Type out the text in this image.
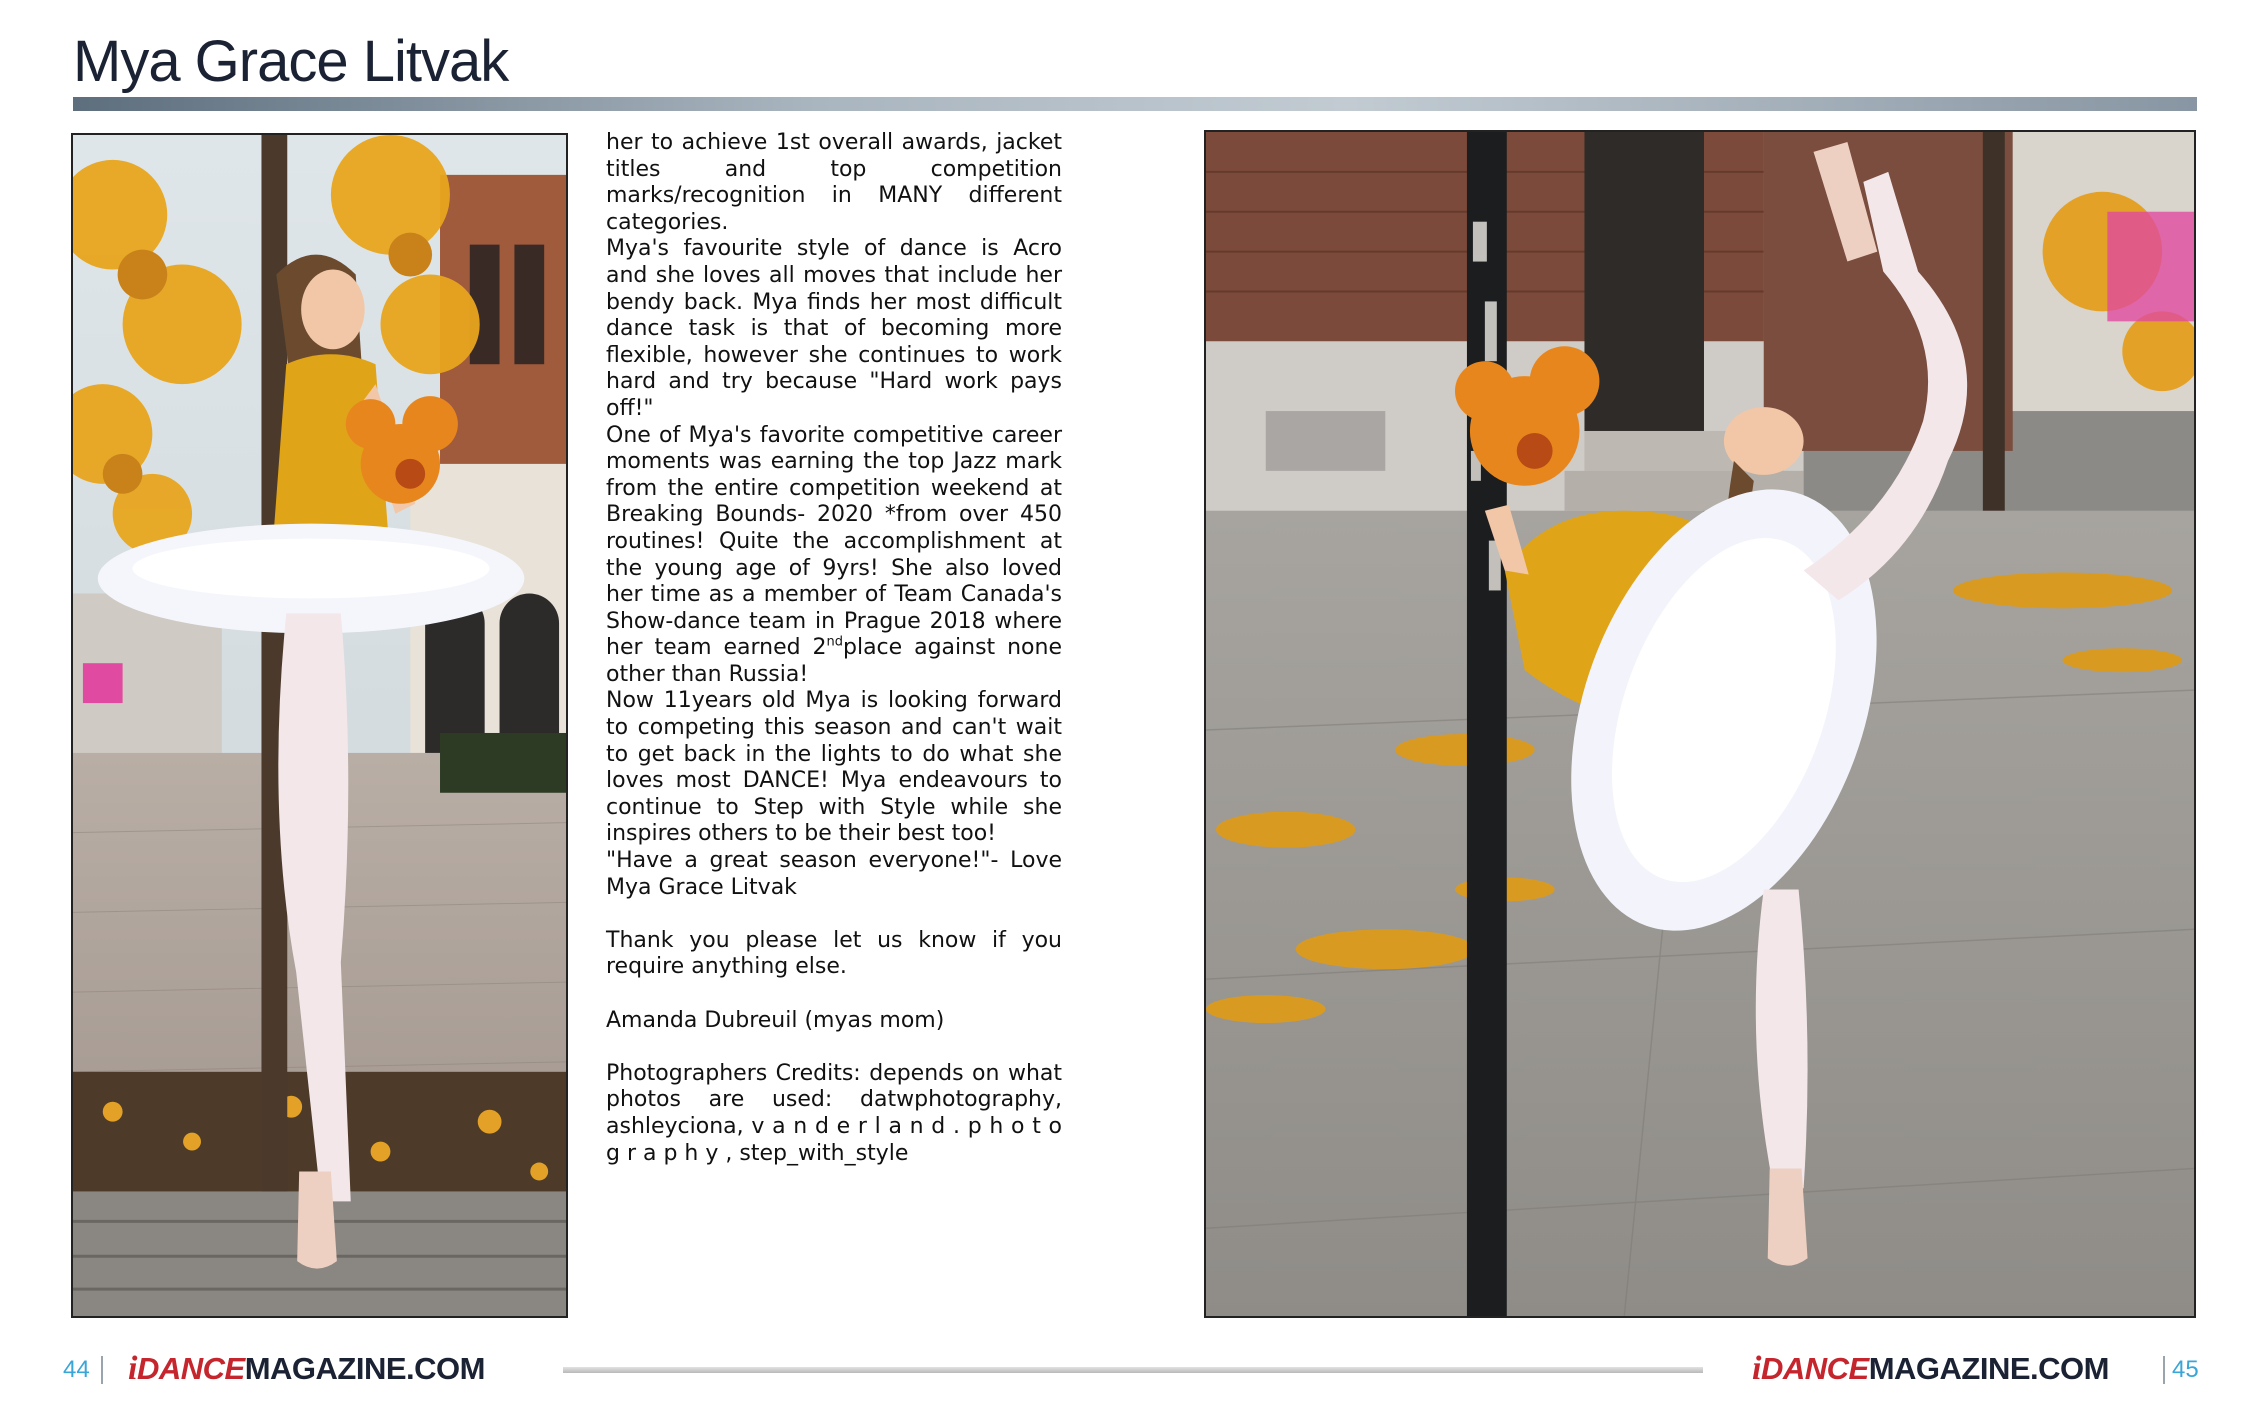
Mya Grace Litvak

her to achieve 1st overall awards, jacket titles and top competition marks/recognition in MANY different categories.

Mya's favourite style of dance is Acro and she loves all moves that include her bendy back. Mya finds her most difficult dance task is that of becoming more flexible, however she continues to work hard and try because "Hard work pays off!"

One of Mya's favorite competitive career moments was earning the top Jazz mark from the entire competition weekend at Breaking Bounds- 2020 *from over 450 routines! Quite the accomplishment at the young age of 9yrs! She also loved her time as a member of Team Canada's Show-dance team in Prague 2018 where her team earned 2ndplace against none other than Russia!

Now 11years old Mya is looking forward to competing this season and can't wait to get back in the lights to do what she loves most DANCE! Mya endeavours to continue to Step with Style while she inspires others to be their best too!

"Have a great season everyone!"- Love Mya Grace Litvak

Thank you please let us know if you require anything else.

Amanda Dubreuil (myas mom)

Photographers Credits: depends on what photos are used: datwphotography, ashleyciona, v a n d e r l a n d . p h o t o g r a p h y , step_with_style

44 iDANCEMAGAZINE.COM	iDANCEMAGAZINE.COM	45
